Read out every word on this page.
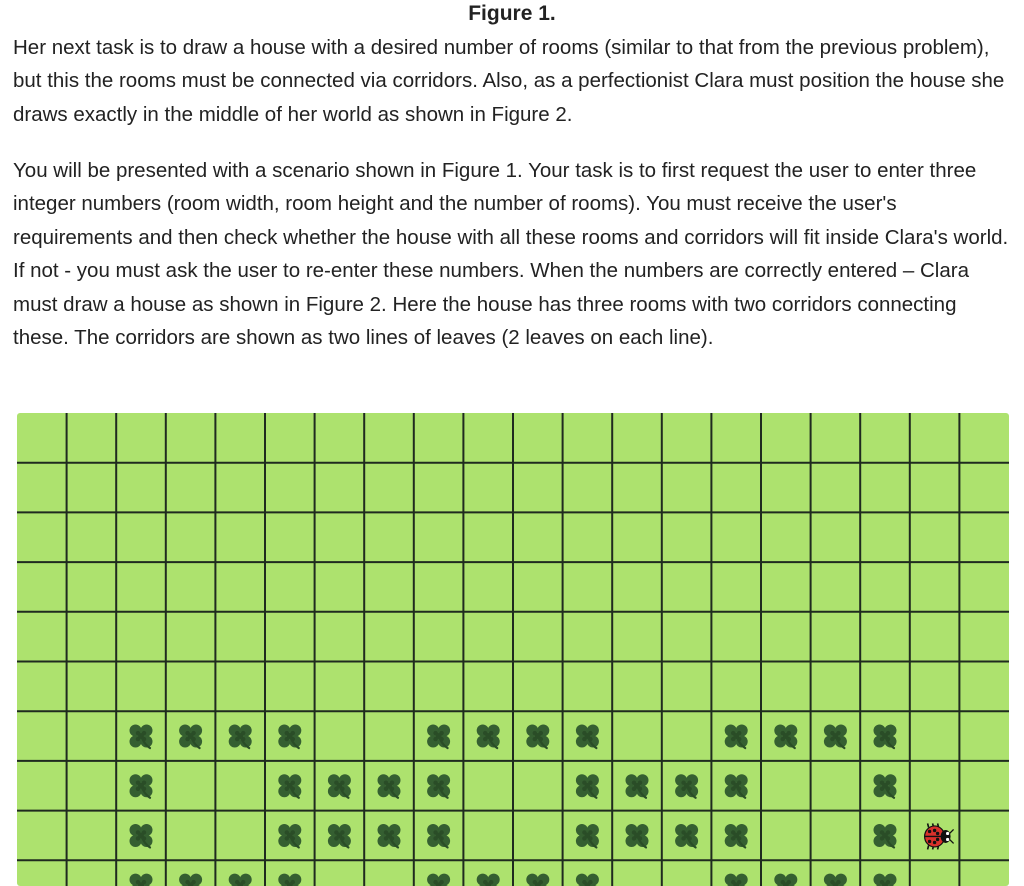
Figure 1.

Her next task is to draw a house with a desired number of rooms (similar to that from the previous problem), but this the rooms must be connected via corridors. Also, as a perfectionist Clara must position the house she draws exactly in the middle of her world as shown in Figure 2.

You will be presented with a scenario shown in Figure 1. Your task is to first request the user to enter three integer numbers (room width, room height and the number of rooms). You must receive the user's requirements and then check whether the house with all these rooms and corridors will fit inside Clara's world. If not - you must ask the user to re-enter these numbers. When the numbers are correctly entered – Clara must draw a house as shown in Figure 2. Here the house has three rooms with two corridors connecting these. The corridors are shown as two lines of leaves (2 leaves on each line).
